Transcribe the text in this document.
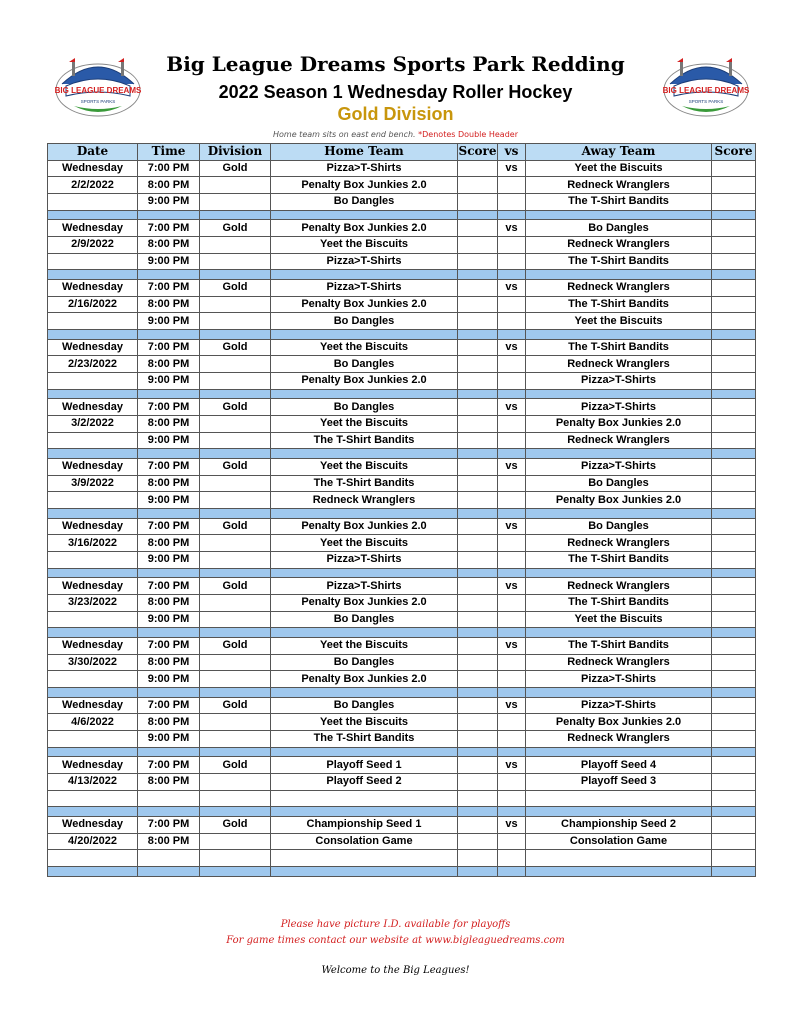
BIG LEAGUE DREAMS
SPORTS PARKS
BIG LEAGUE DREAMS
SPORTS PARKS
Big League Dreams Sports Park Redding
2022 Season 1 Wednesday Roller Hockey
Gold Division
Home team sits on east end bench. *Denotes Double Header
Date	Time	Division	Home Team	Score	vs	Away Team	Score
Wednesday	7:00 PM	Gold	Pizza>T-Shirts		vs	Yeet the Biscuits	
2/2/2022	8:00 PM		Penalty Box Junkies 2.0			Redneck Wranglers	
	9:00 PM		Bo Dangles			The T-Shirt Bandits	

Wednesday	7:00 PM	Gold	Penalty Box Junkies 2.0		vs	Bo Dangles	
2/9/2022	8:00 PM		Yeet the Biscuits			Redneck Wranglers	
	9:00 PM		Pizza>T-Shirts			The T-Shirt Bandits	

Wednesday	7:00 PM	Gold	Pizza>T-Shirts		vs	Redneck Wranglers	
2/16/2022	8:00 PM		Penalty Box Junkies 2.0			The T-Shirt Bandits	
	9:00 PM		Bo Dangles			Yeet the Biscuits	

Wednesday	7:00 PM	Gold	Yeet the Biscuits		vs	The T-Shirt Bandits	
2/23/2022	8:00 PM		Bo Dangles			Redneck Wranglers	
	9:00 PM		Penalty Box Junkies 2.0			Pizza>T-Shirts	

Wednesday	7:00 PM	Gold	Bo Dangles		vs	Pizza>T-Shirts	
3/2/2022	8:00 PM		Yeet the Biscuits			Penalty Box Junkies 2.0	
	9:00 PM		The T-Shirt Bandits			Redneck Wranglers	

Wednesday	7:00 PM	Gold	Yeet the Biscuits		vs	Pizza>T-Shirts	
3/9/2022	8:00 PM		The T-Shirt Bandits			Bo Dangles	
	9:00 PM		Redneck Wranglers			Penalty Box Junkies 2.0	

Wednesday	7:00 PM	Gold	Penalty Box Junkies 2.0		vs	Bo Dangles	
3/16/2022	8:00 PM		Yeet the Biscuits			Redneck Wranglers	
	9:00 PM		Pizza>T-Shirts			The T-Shirt Bandits	

Wednesday	7:00 PM	Gold	Pizza>T-Shirts		vs	Redneck Wranglers	
3/23/2022	8:00 PM		Penalty Box Junkies 2.0			The T-Shirt Bandits	
	9:00 PM		Bo Dangles			Yeet the Biscuits	

Wednesday	7:00 PM	Gold	Yeet the Biscuits		vs	The T-Shirt Bandits	
3/30/2022	8:00 PM		Bo Dangles			Redneck Wranglers	
	9:00 PM		Penalty Box Junkies 2.0			Pizza>T-Shirts	

Wednesday	7:00 PM	Gold	Bo Dangles		vs	Pizza>T-Shirts	
4/6/2022	8:00 PM		Yeet the Biscuits			Penalty Box Junkies 2.0	
	9:00 PM		The T-Shirt Bandits			Redneck Wranglers	

Wednesday	7:00 PM	Gold	Playoff Seed 1		vs	Playoff Seed 4	
4/13/2022	8:00 PM		Playoff Seed 2			Playoff Seed 3	

Wednesday	7:00 PM	Gold	Championship Seed 1		vs	Championship Seed 2	
4/20/2022	8:00 PM		Consolation Game			Consolation Game	

Please have picture I.D. available for playoffs
For game times contact our website at www.bigleaguedreams.com
Welcome to the Big Leagues!
